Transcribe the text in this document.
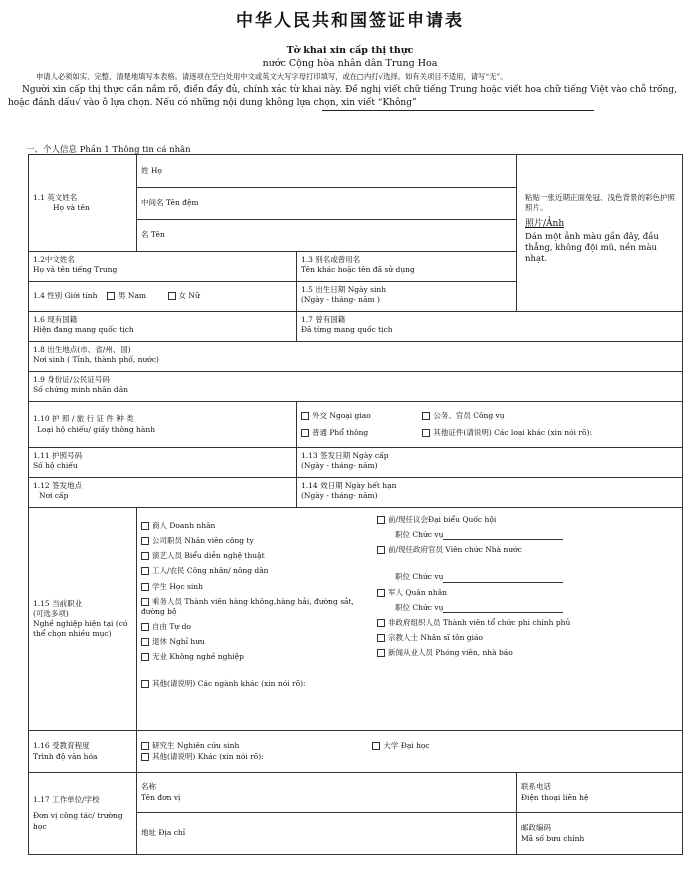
中华人民共和国签证申请表
Tờ khai xin cấp thị thực
nước Cộng hòa nhân dân Trung Hoa
申请人必须如实、完整、清楚地填写本表格。请逐项在空白处用中文或英文大写字母打印填写，或在□内打√选择。如有关项目不适用，请写“无”。
Người xin cấp thị thực cần nắm rõ, điền đầy đủ, chính xác từ khai này. Đề nghị viết chữ tiếng Trung hoặc viết hoa chữ tiếng Việt vào chỗ trống,
hoặc đánh dấu√ vào ô lựa chọn. Nếu có những nội dung không lựa chọn, xin viết “Không”
一、个人信息 Phần 1 Thông tin cá nhân
1.1 英文姓名
Họ và tên

姓 Họ
中间名 Tên đệm
名 Tên

粘贴一张近期正面免冠、浅色背景的彩色护照照片。
照片/Ảnh
Dán một ảnh màu gần đây, đầu thẳng, không đội mũ, nền màu nhạt.

1.2中文姓名
Họ và tên tiếng Trung

1.3 别名或曾用名
Tên khác hoặc tên đã sử dụng

1.4 性别 Giới tính	男 Nam	女 Nữ	
1.5 出生日期 Ngày sinh
(Ngày - tháng- năm )

1.6 现有国籍
Hiện đang mang quốc tịch

1.7 曾有国籍
Đã từng mang quốc tịch

1.8 出生地点(市、省/州、国)
Nơi sinh ( Tỉnh, thành phố, nước)

1.9 身份证/公民证号码
Số chứng minh nhân dân

1.10 护 照 / 旅 行 证 件 种 类
Loại hộ chiếu/ giấy thông hành

外交 Ngoại giao	公务、官员 Công vụ
普通 Phổ thông	其他证件(请说明) Các loại khác (xin nói rõ):

1.11 护照号码
Số hộ chiếu

1.13 签发日期 Ngày cấp
(Ngày - tháng- năm)

1.12 签发地点
Nơi cấp

1.14 效日期 Ngày hết hạn
(Ngày - tháng- năm)

1.15 当前职业
(可选多项)
Nghề nghiệp hiện tại (có thể chọn nhiều mục)

商人 Doanh nhân
公司职员 Nhân viên công ty
演艺人员 Biểu diễn nghệ thuật
工人/农民 Công nhân/ nông dân
学生 Học sinh
乘务人员 Thành viên hàng không,hàng hải, đường sắt, đường bộ
自由 Tự do
退休 Nghỉ hưu
无业 Không nghề nghiệp
其他(请说明) Các ngành khác (xin nói rõ):

前/现任议会Đại biểu Quốc hội
职位 Chức vụ
前/现任政府官员 Viên chức Nhà nước
职位 Chức vụ
军人 Quân nhân
职位 Chức vụ
非政府组织人员 Thành viên tổ chức phi chính phủ
宗教人士 Nhân sĩ tôn giáo
新闻从业人员 Phóng viên, nhà báo

1.16 受教育程度
Trình độ văn hóa

研究生 Nghiên cứu sinh	大学 Đại học
其他(请说明) Khác (xin nói rõ):

1.17 工作单位/学校
Đơn vị công tác/ trường học

名称
Tên đơn vị

联系电话
Điện thoại liên hệ

地址 Địa chỉ	
邮政编码
Mã số bưu chính
